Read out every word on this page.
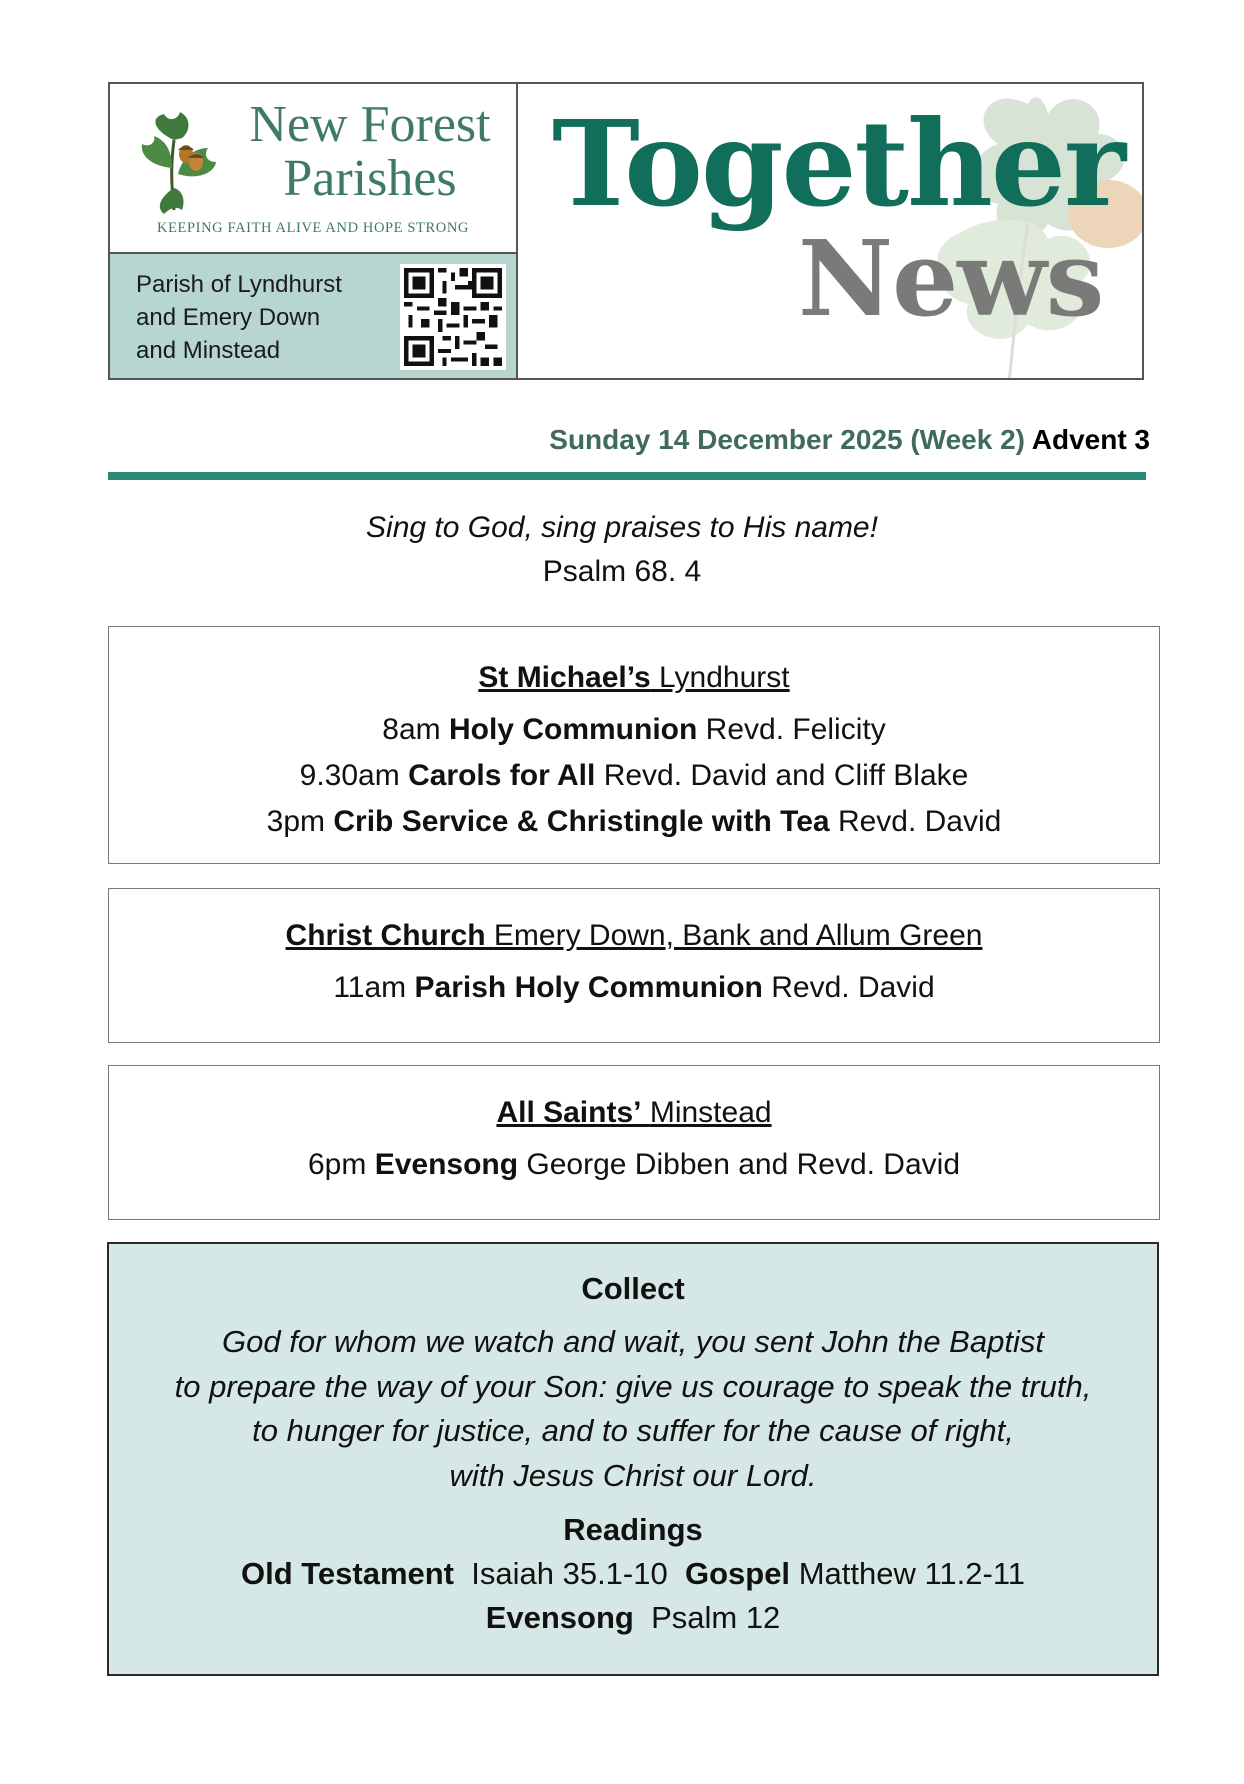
New Forest
Parishes
KEEPING FAITH ALIVE AND HOPE STRONG
Parish of Lyndhurst
and Emery Down
and Minstead
Together
News
Sunday 14 December 2025 (Week 2) Advent 3
Sing to God, sing praises to His name!
Psalm 68. 4
St Michael’s Lyndhurst
8am Holy Communion Revd. Felicity
9.30am Carols for All Revd. David and Cliff Blake
3pm Crib Service & Christingle with Tea Revd. David
Christ Church Emery Down, Bank and Allum Green
11am Parish Holy Communion Revd. David
All Saints’ Minstead
6pm Evensong George Dibben and Revd. David
Collect
God for whom we watch and wait, you sent John the Baptist
to prepare the way of your Son: give us courage to speak the truth,
to hunger for justice, and to suffer for the cause of right,
with Jesus Christ our Lord.
Readings
Old Testament Isaiah 35.1-10 Gospel Matthew 11.2-11
Evensong Psalm 12
